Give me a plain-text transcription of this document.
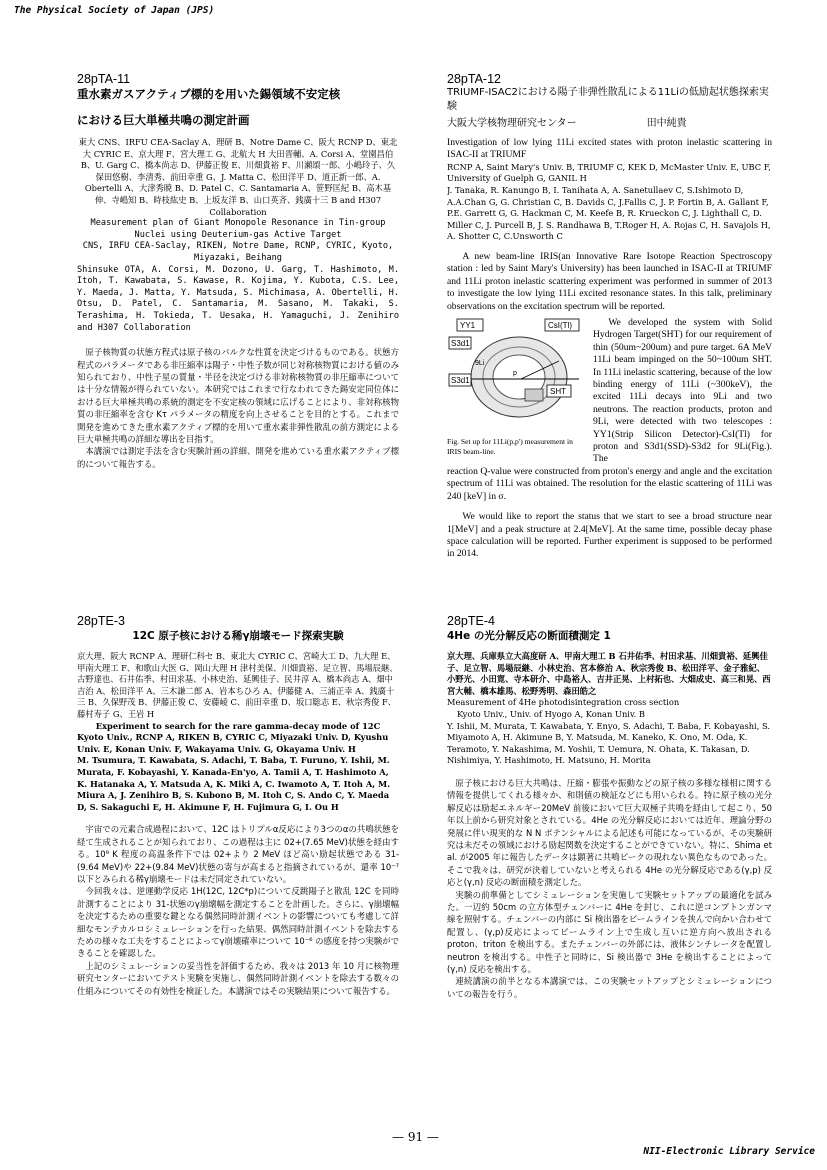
The Physical Society of Japan (JPS)

28pTA-11

重水素ガスアクティブ標的を用いた錫領域不安定核
における巨大単極共鳴の測定計画

東大 CNS、IRFU CEA-Saclay A、理研 B、Notre Dame C、阪大 RCNP D、東北大 CYRIC E、京大理 F、宮大理工 G、北航大 H 大田晋輔、A. Corsi A、堂園昌伯 B、U. Garg C、橋本尚志 D、伊藤正俊 E、川畑貴裕 F、川瀬頌一郎、小嶋玲子、久保田悠樹、李清秀、前田幸重 G、J. Matta C、松田洋平 D、道正新一郎、A. Obertelli A、大津秀暁 B、D. Patel C、C. Santamaria A、笹野匡紀 B、高木基伸、寺嶋知 B、時枝紘史 B、上坂友洋 B、山口英斉、銭廣十三 B and H307 Collaboration

Measurement plan of Giant Monopole Resonance in Tin-group Nuclei using Deuterium-gas Active Target

CNS, IRFU CEA-Saclay, RIKEN, Notre Dame, RCNP, CYRIC, Kyoto, Miyazaki, Beihang

Shinsuke OTA, A. Corsi, M. Dozono, U. Garg, T. Hashimoto, M. Itoh, T. Kawabata, S. Kawase, R. Kojima, Y. Kubota, C.S. Lee, Y. Maeda, J. Matta, Y. Matsuda, S. Michimasa, A. Obertelli, H. Otsu, D. Patel, C. Santamaria, M. Sasano, M. Takaki, S. Terashima, H. Tokieda, T. Uesaka, H. Yamaguchi, J. Zenihiro and H307 Collaboration

原子核物質の状態方程式は原子核のバルクな性質を決定づけるものである。状態方程式のパラメータである非圧縮率は陽子・中性子数が同じ対称核物質における値のみ知られており、中性子星の質量・半径を決定づける非対称核物質の非圧縮率については十分な情報が得られていない。本研究ではこれまで行なわれてきた錫安定同位体における巨大単極共鳴の系統的測定を不安定核の領域に広げることにより、非対称核物質の非圧縮率を含む Kτ パラメータの精度を向上させることを目的とする。これまで開発を進めてきた重水素アクティブ標的を用いて重水素非弾性散乱の前方測定による巨大単極共鳴の詳細な導出を目指す。

本講演では測定手法を含む実験計画の詳細、開発を進めている重水素アクティブ標的について報告する。

28pTA-12

TRIUMF-ISAC2における陽子非弾性散乱による11Liの低励起状態探索実験

大阪大学核物理研究センター	田中純貴

Investigation of low lying 11Li excited states with proton inelastic scattering in ISAC-II at TRIUMF

RCNP A, Saint Mary's Univ. B, TRIUMF C, KEK D, McMaster Univ. E, UBC F, University of Guelph G, GANIL H

J. Tanaka, R. Kanungo B, I. Tanihata A, A. Sanetullaev C, S.Ishimoto D, A.A.Chan G, G. Christian C, B. Davids C, J.Fallis C, J. P. Fortin B, A. Gallant F, P.E. Garrett G, G. Hackman C, M. Keefe B, R. Krueckon C, J. Lighthall C, D. Miller C, J. Purcell B, J. S. Randhawa B, T.Roger H, A. Rojas C, H. Savajols H, A. Shotter C, C.Unsworth C

A new beam-line IRIS(an Innovative Rare Isotope Reaction Spectroscopy station : led by Saint Mary's University) has been launched in ISAC-II at TRIUMF and 11Li proton inelastic scattering experiment was performed in summer of 2013 to investigate the low lying 11Li excited resonance states. In this talk, preliminary observations on the excitation spectrum will be reported.

YY1	CsI(Tl)
S3d1
S3d1
9Li
p
SHT
Fig. Set up for 11Li(p,p') measurement in IRIS beam-line.

We developed the system with Solid Hydrogen Target(SHT) for our requirement of thin (50um~200um) and pure target. 6A MeV 11Li beam impinged on the 50~100um SHT. In 11Li inelastic scattering, because of the low binding energy of 11Li (~300keV), the excited 11Li decays into 9Li and two neutrons. The reaction products, proton and 9Li, were detected with two telescopes : YY1(Strip Silicon Detector)-CsI(Tl) for proton and S3d1(SSD)-S3d2 for 9Li(Fig.). The

reaction Q-value were constructed from proton's energy and angle and the excitation spectrum of 11Li was obtained. The resolution for the elastic scattering of 11Li was 240 [keV] in σ.

We would like to report the status that we start to see a broad structure near 1[MeV] and a peak structure at 2.4[MeV]. At the same time, possible decay phase space calculation will be reported. Further experiment is supposed to be performed in 2014.

28pTE-3

12C 原子核における稀γ崩壊モード探索実験

京大理、阪大 RCNP A、理研仁科セ B、東北大 CYRIC C、宮崎大工 D、九大理 E、甲南大理工 F、和歌山大医 G、岡山大理 H 津村美保、川畑貴裕、足立智、馬場辰継、古野達也、石井佑季、村田求基、小林史治、延興佳子、民井淳 A、橋本尚志 A、畑中吉治 A、松田洋平 A、三木謙二郎 A、岩本ちひろ A、伊藤健 A、三浦正幸 A、銭廣十三 B、久保野茂 B、伊藤正俊 C、安藤崚 C、前田幸重 D、坂口聡志 E、秋宗秀俊 F、藤村寿子 G、王岩 H

Experiment to search for the rare gamma-decay mode of 12C

Kyoto Univ., RCNP A, RIKEN B, CYRIC C, Miyazaki Univ. D, Kyushu Univ. E, Konan Univ. F, Wakayama Univ. G, Okayama Univ. H

M. Tsumura, T. Kawabata, S. Adachi, T. Baba, T. Furuno, Y. Ishii, M. Murata, F. Kobayashi, Y. Kanada-En'yo, A. Tamii A, T. Hashimoto A, K. Hatanaka A, Y. Matsuda A, K. Miki A, C. Iwamoto A, T. Itoh A, M. Miura A, J. Zenihiro B, S. Kubono B, M. Itoh C, S. Ando C, Y. Maeda D, S. Sakaguchi E, H. Akimune F, H. Fujimura G, I. Ou H

宇宙での元素合成過程において、12C はトリプルα反応により3つのαの共鳴状態を経て生成されることが知られており、この過程は主に 02+(7.65 MeV)状態を経由する。10⁹ K 程度の高温条件下では 02+より 2 MeV ほど高い励起状態である 31-(9.64 MeV)や 22+(9.84 MeV)状態の寄与が高まると指摘されているが、還率 10⁻⁷ 以下とみられる稀γ崩壊モードは未だ同定されていない。

今回我々は、逆運動学反応 1H(12C, 12C*p)について反跳陽子と散乱 12C を同時計測することにより 31-状態のγ崩壊幅を測定することを計画した。さらに、γ崩壊幅を決定するための重要な鍵となる偶然同時計測イベントの影響についても考慮して詳細なモンテカルロシミュレーションを行った結果、偶然同時計測イベントを除去するための様々な工夫をすることによってγ崩壊確率について 10⁻⁶ の感度を持つ実験ができることを確認した。

上記のシミュレーションの妥当性を評価するため、我々は 2013 年 10 月に核物理研究センターにおいてテスト実験を実施し、偶然同時計測イベントを除去する数々の仕組みについてその有効性を検証した。本講演ではその実験結果について報告する。

28pTE-4

4He の光分解反応の断面積測定 1

京大理、兵庫県立大高度研 A、甲南大理工 B 石井佑季、村田求基、川畑貴裕、延興佳子、足立智、馬場辰継、小林史治、宮本修治 A、秋宗秀俊 B、松田洋平、金子雅紀、小野光、小田寛、寺本研介、中島裕人、吉井正晃、上村拓也、大畑成史、高三和晃、西宮大輔、橋本雄馬、松野秀明、森田皓之

Measurement of 4He photodisintegration cross section

Kyoto Univ., Univ. of Hyogo A, Konan Univ. B

Y. Ishii, M. Murata, T. Kawabata, Y. Enyo, S. Adachi, T. Baba, F. Kobayashi, S. Miyamoto A, H. Akimune B, Y. Matsuda, M. Kaneko, K. Ono, M. Oda, K. Teramoto, Y. Nakashima, M. Yoshii, T. Uemura, N. Ohata, K. Takasan, D. Nishimiya, Y. Hashimoto, H. Matsuno, H. Morita

原子核における巨大共鳴は、圧縮・膨張や振動などの原子核の多様な様相に関する情報を提供してくれる様々か、和則値の検証などにも用いられる。特に原子核の光分解反応は励起エネルギー20MeV 前後において巨大双極子共鳴を経由して起こり、50 年以上前から研究対象とされている。4He の光分解反応においては近年、理論分野の発展に伴い現実的な N N ポテンシャルによる記述も可能になっているが、その実験研究は未だその領域における励起関数を決定することができていない。特に、Shima et al. が2005 年に報告したデータは顕著に共鳴ピークの現れない異色なものであった。そこで我々は、研究が決着していないと考えられる 4He の光分解反応である(γ,p) 反応と(γ,n) 反応の断面積を測定した。

実験の前準備としてシミュレーションを実施して実験セットアップの最適化を試みた。一辺約 50cm の立方体型チェンバーに 4He を封じ、これに逆コンプトンガンマ線を照射する。チェンバーの内部に Si 検出器をビームラインを挟んで向かい合わせて配置し、(γ,p)反応によってビームライン上で生成し互いに逆方向へ放出される proton、triton を検出する。またチェンバーの外部には、液体シンチレータを配置し neutron を検出する。中性子と同時に、Si 検出器で 3He を検出することによって(γ,n) 反応を検出する。

連続講演の前半となる本講演では、この実験セットアップとシミュレーションについての報告を行う。

— 91 —
NII-Electronic Library Service
